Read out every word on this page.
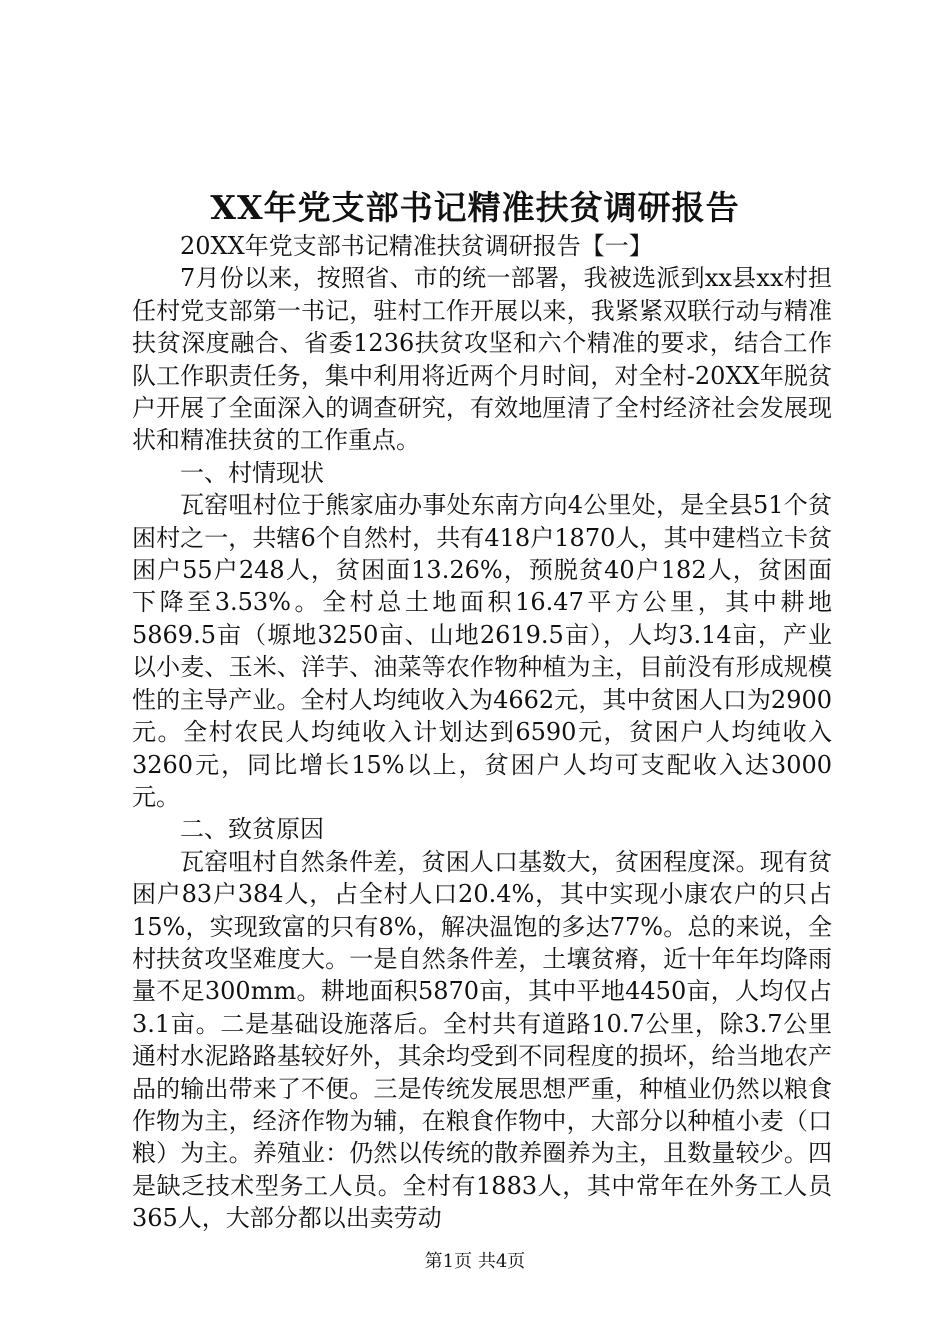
XX年党支部书记精准扶贫调研报告

20XX年党支部书记精准扶贫调研报告【一】

7月份以来，按照省、市的统一部署，我被选派到xx县xx村担任村党支部第一书记，驻村工作开展以来，我紧紧双联行动与精准扶贫深度融合、省委1236扶贫攻坚和六个精准的要求，结合工作队工作职责任务，集中利用将近两个月时间，对全村-20XX年脱贫户开展了全面深入的调查研究，有效地厘清了全村经济社会发展现状和精准扶贫的工作重点。

一、村情现状

瓦窑咀村位于熊家庙办事处东南方向4公里处，是全县51个贫困村之一，共辖6个自然村，共有418户1870人，其中建档立卡贫困户55户248人，贫困面13.26%，预脱贫40户182人，贫困面下降至3.53%。全村总土地面积16.47平方公里，其中耕地5869.5亩（塬地3250亩、山地2619.5亩），人均3.14亩，产业以小麦、玉米、洋芋、油菜等农作物种植为主，目前没有形成规模性的主导产业。全村人均纯收入为4662元，其中贫困人口为2900元。全村农民人均纯收入计划达到6590元，贫困户人均纯收入3260元，同比增长15%以上，贫困户人均可支配收入达3000元。

二、致贫原因

瓦窑咀村自然条件差，贫困人口基数大，贫困程度深。现有贫困户83户384人，占全村人口20.4%，其中实现小康农户的只占15%，实现致富的只有8%，解决温饱的多达77%。总的来说，全村扶贫攻坚难度大。一是自然条件差，土壤贫瘠，近十年年均降雨量不足300mm。耕地面积5870亩，其中平地4450亩，人均仅占3.1亩。二是基础设施落后。全村共有道路10.7公里，除3.7公里通村水泥路路基较好外，其余均受到不同程度的损坏，给当地农产品的输出带来了不便。三是传统发展思想严重，种植业仍然以粮食作物为主，经济作物为辅，在粮食作物中，大部分以种植小麦（口粮）为主。养殖业：仍然以传统的散养圈养为主，且数量较少。四是缺乏技术型务工人员。全村有1883人，其中常年在外务工人员365人，大部分都以出卖劳动

第1页 共4页
